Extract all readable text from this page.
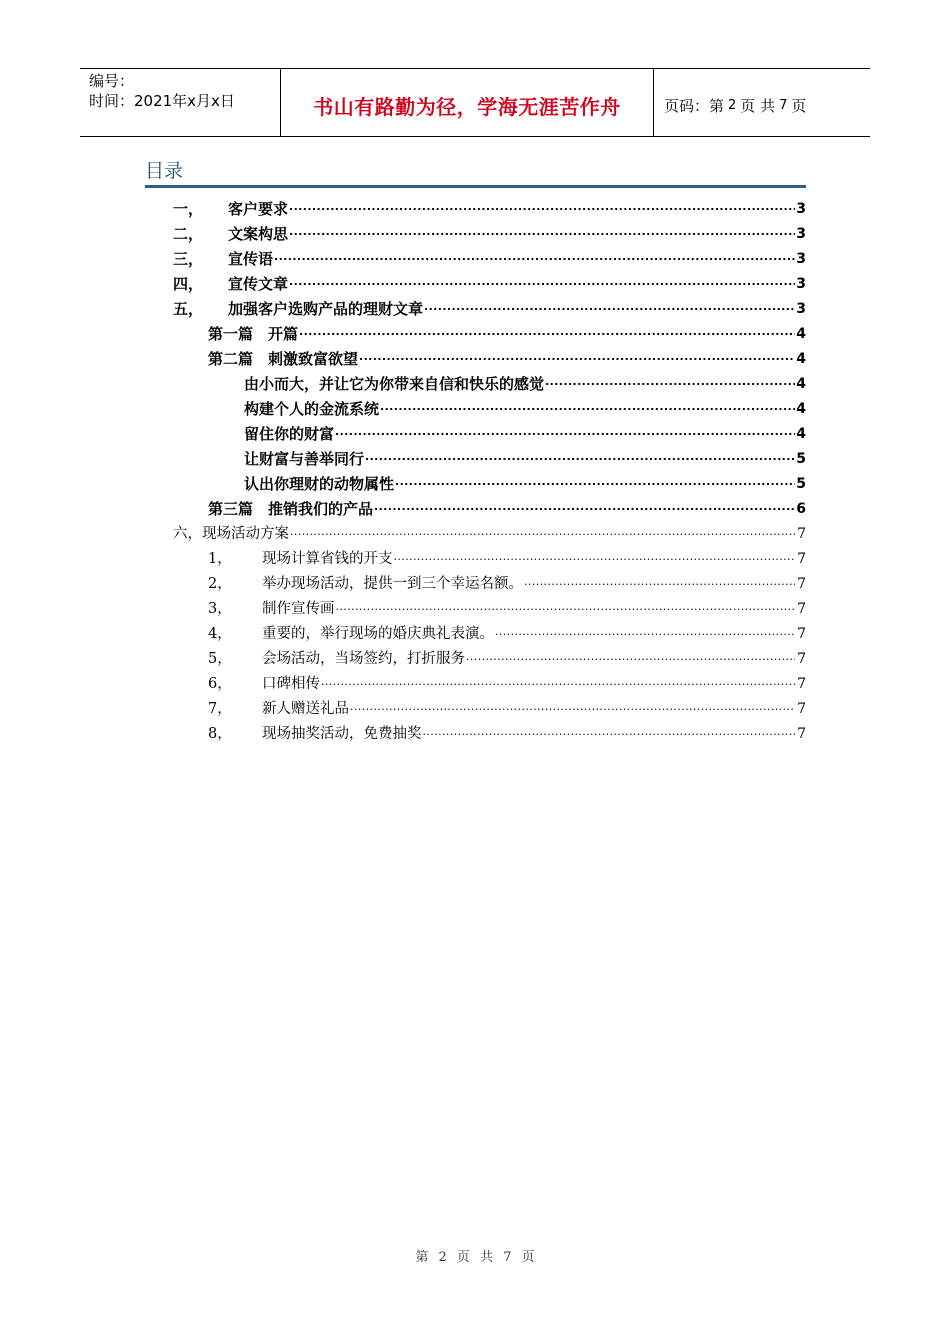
编号：
时间：2021年x月x日	书山有路勤为径，学海无涯苦作舟	页码：第 2 页 共 7 页
目录
一，	客户要求 .....	3
二，	文案构思 .....	3
三，	宣传语 .....	3
四，	宣传文章 .....	3
五，	加强客户选购产品的理财文章 .....	3
第一篇　开篇 .....	4
第二篇　刺激致富欲望 .....	4
由小而大，并让它为你带来自信和快乐的感觉 .....	4
构建个人的金流系统 .....	4
留住你的财富 .....	4
让财富与善举同行 .....	5
认出你理财的动物属性 .....	5
第三篇　推销我们的产品 .....	6
六，现场活动方案 .....	7
1，	现场计算省钱的开支 .....	7
2，	举办现场活动，提供一到三个幸运名额。 .....	7
3，	制作宣传画 .....	7
4，	重要的，举行现场的婚庆典礼表演。 .....	7
5，	会场活动，当场签约，打折服务 .....	7
6，	口碑相传 .....	7
7，	新人赠送礼品 .....	7
8，	现场抽奖活动，免费抽奖 .....	7
第 2 页 共 7 页
